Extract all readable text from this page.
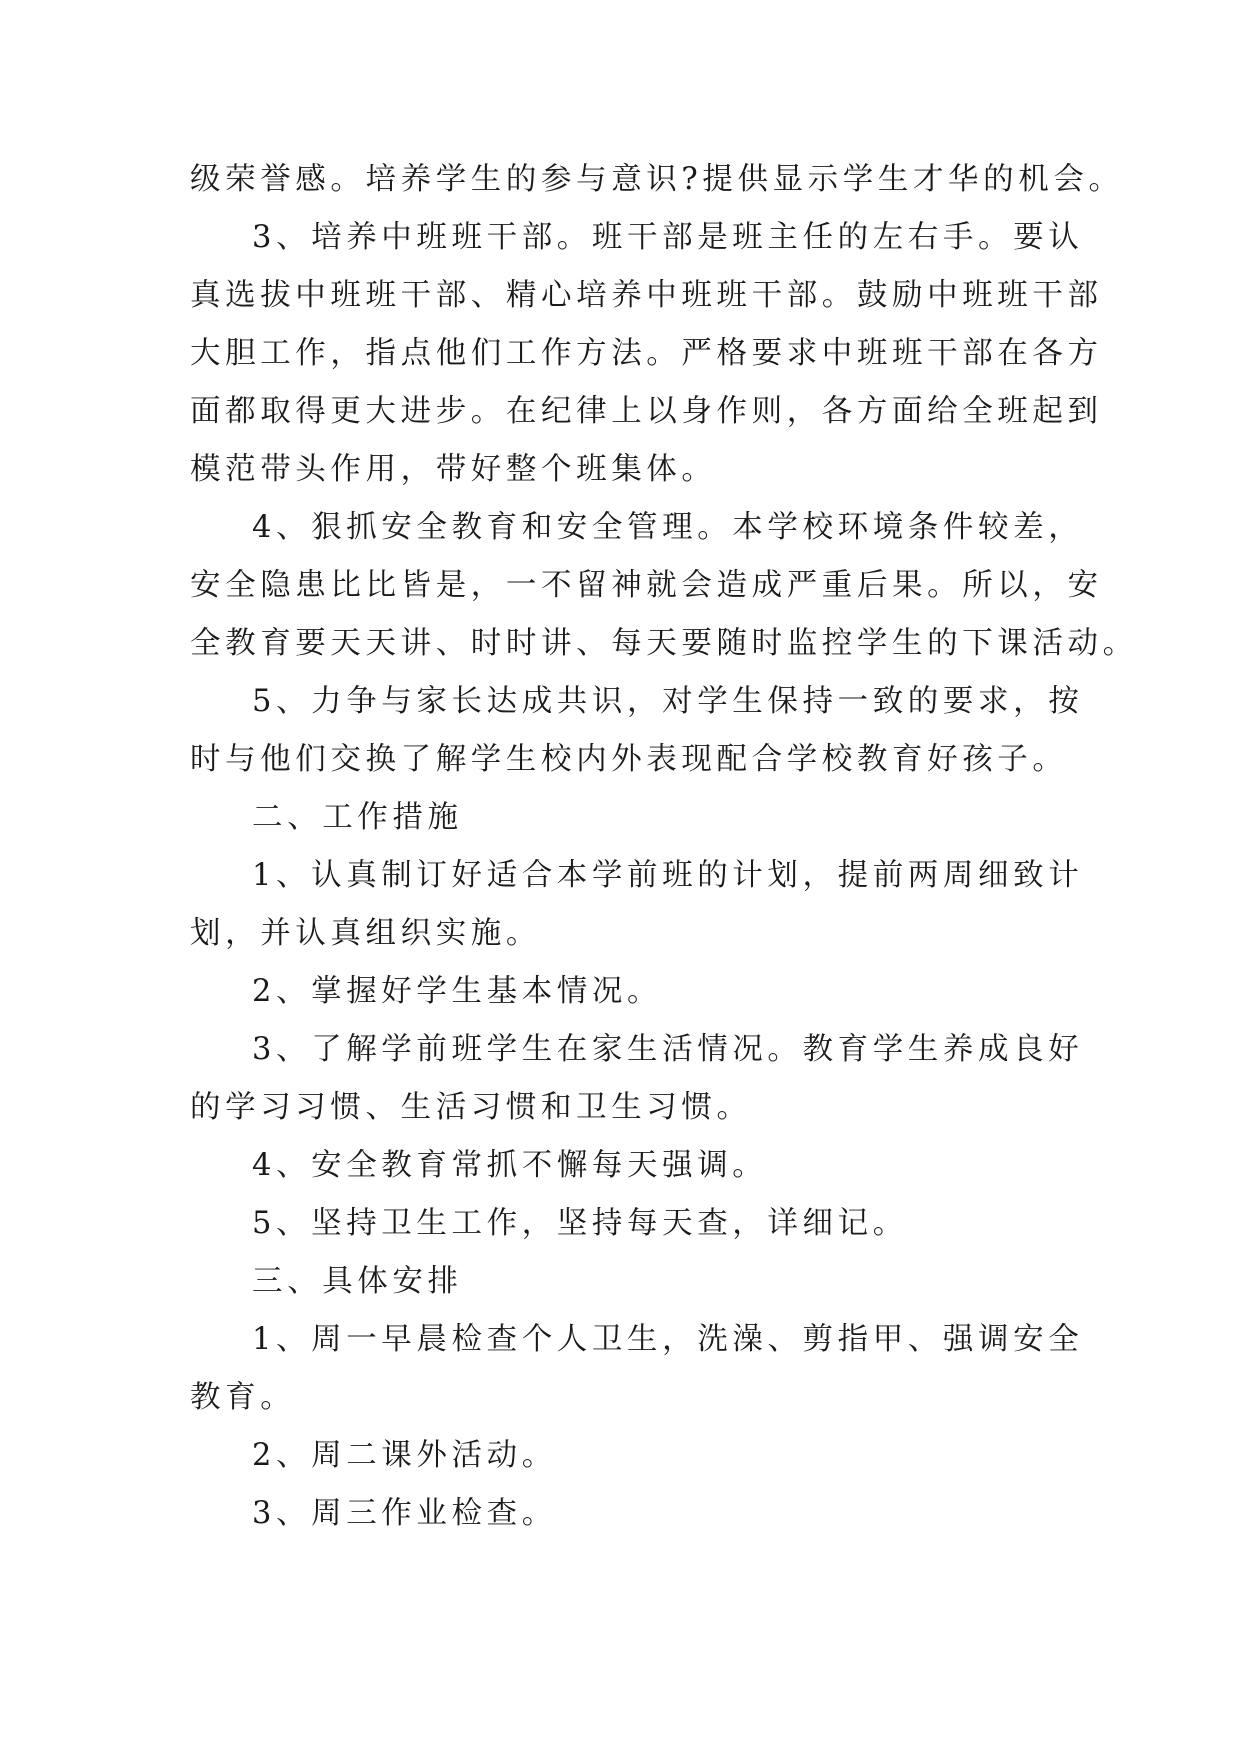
级荣誉感。培养学生的参与意识?提供显示学生才华的机会。
3、培养中班班干部。班干部是班主任的左右手。要认
真选拔中班班干部、精心培养中班班干部。鼓励中班班干部
大胆工作，指点他们工作方法。严格要求中班班干部在各方
面都取得更大进步。在纪律上以身作则，各方面给全班起到
模范带头作用，带好整个班集体。
4、狠抓安全教育和安全管理。本学校环境条件较差，
安全隐患比比皆是，一不留神就会造成严重后果。所以，安
全教育要天天讲、时时讲、每天要随时监控学生的下课活动。
5、力争与家长达成共识，对学生保持一致的要求，按
时与他们交换了解学生校内外表现配合学校教育好孩子。
二、工作措施
1、认真制订好适合本学前班的计划，提前两周细致计
划，并认真组织实施。
2、掌握好学生基本情况。
3、了解学前班学生在家生活情况。教育学生养成良好
的学习习惯、生活习惯和卫生习惯。
4、安全教育常抓不懈每天强调。
5、坚持卫生工作，坚持每天查，详细记。
三、具体安排
1、周一早晨检查个人卫生，洗澡、剪指甲、强调安全
教育。
2、周二课外活动。
3、周三作业检查。
